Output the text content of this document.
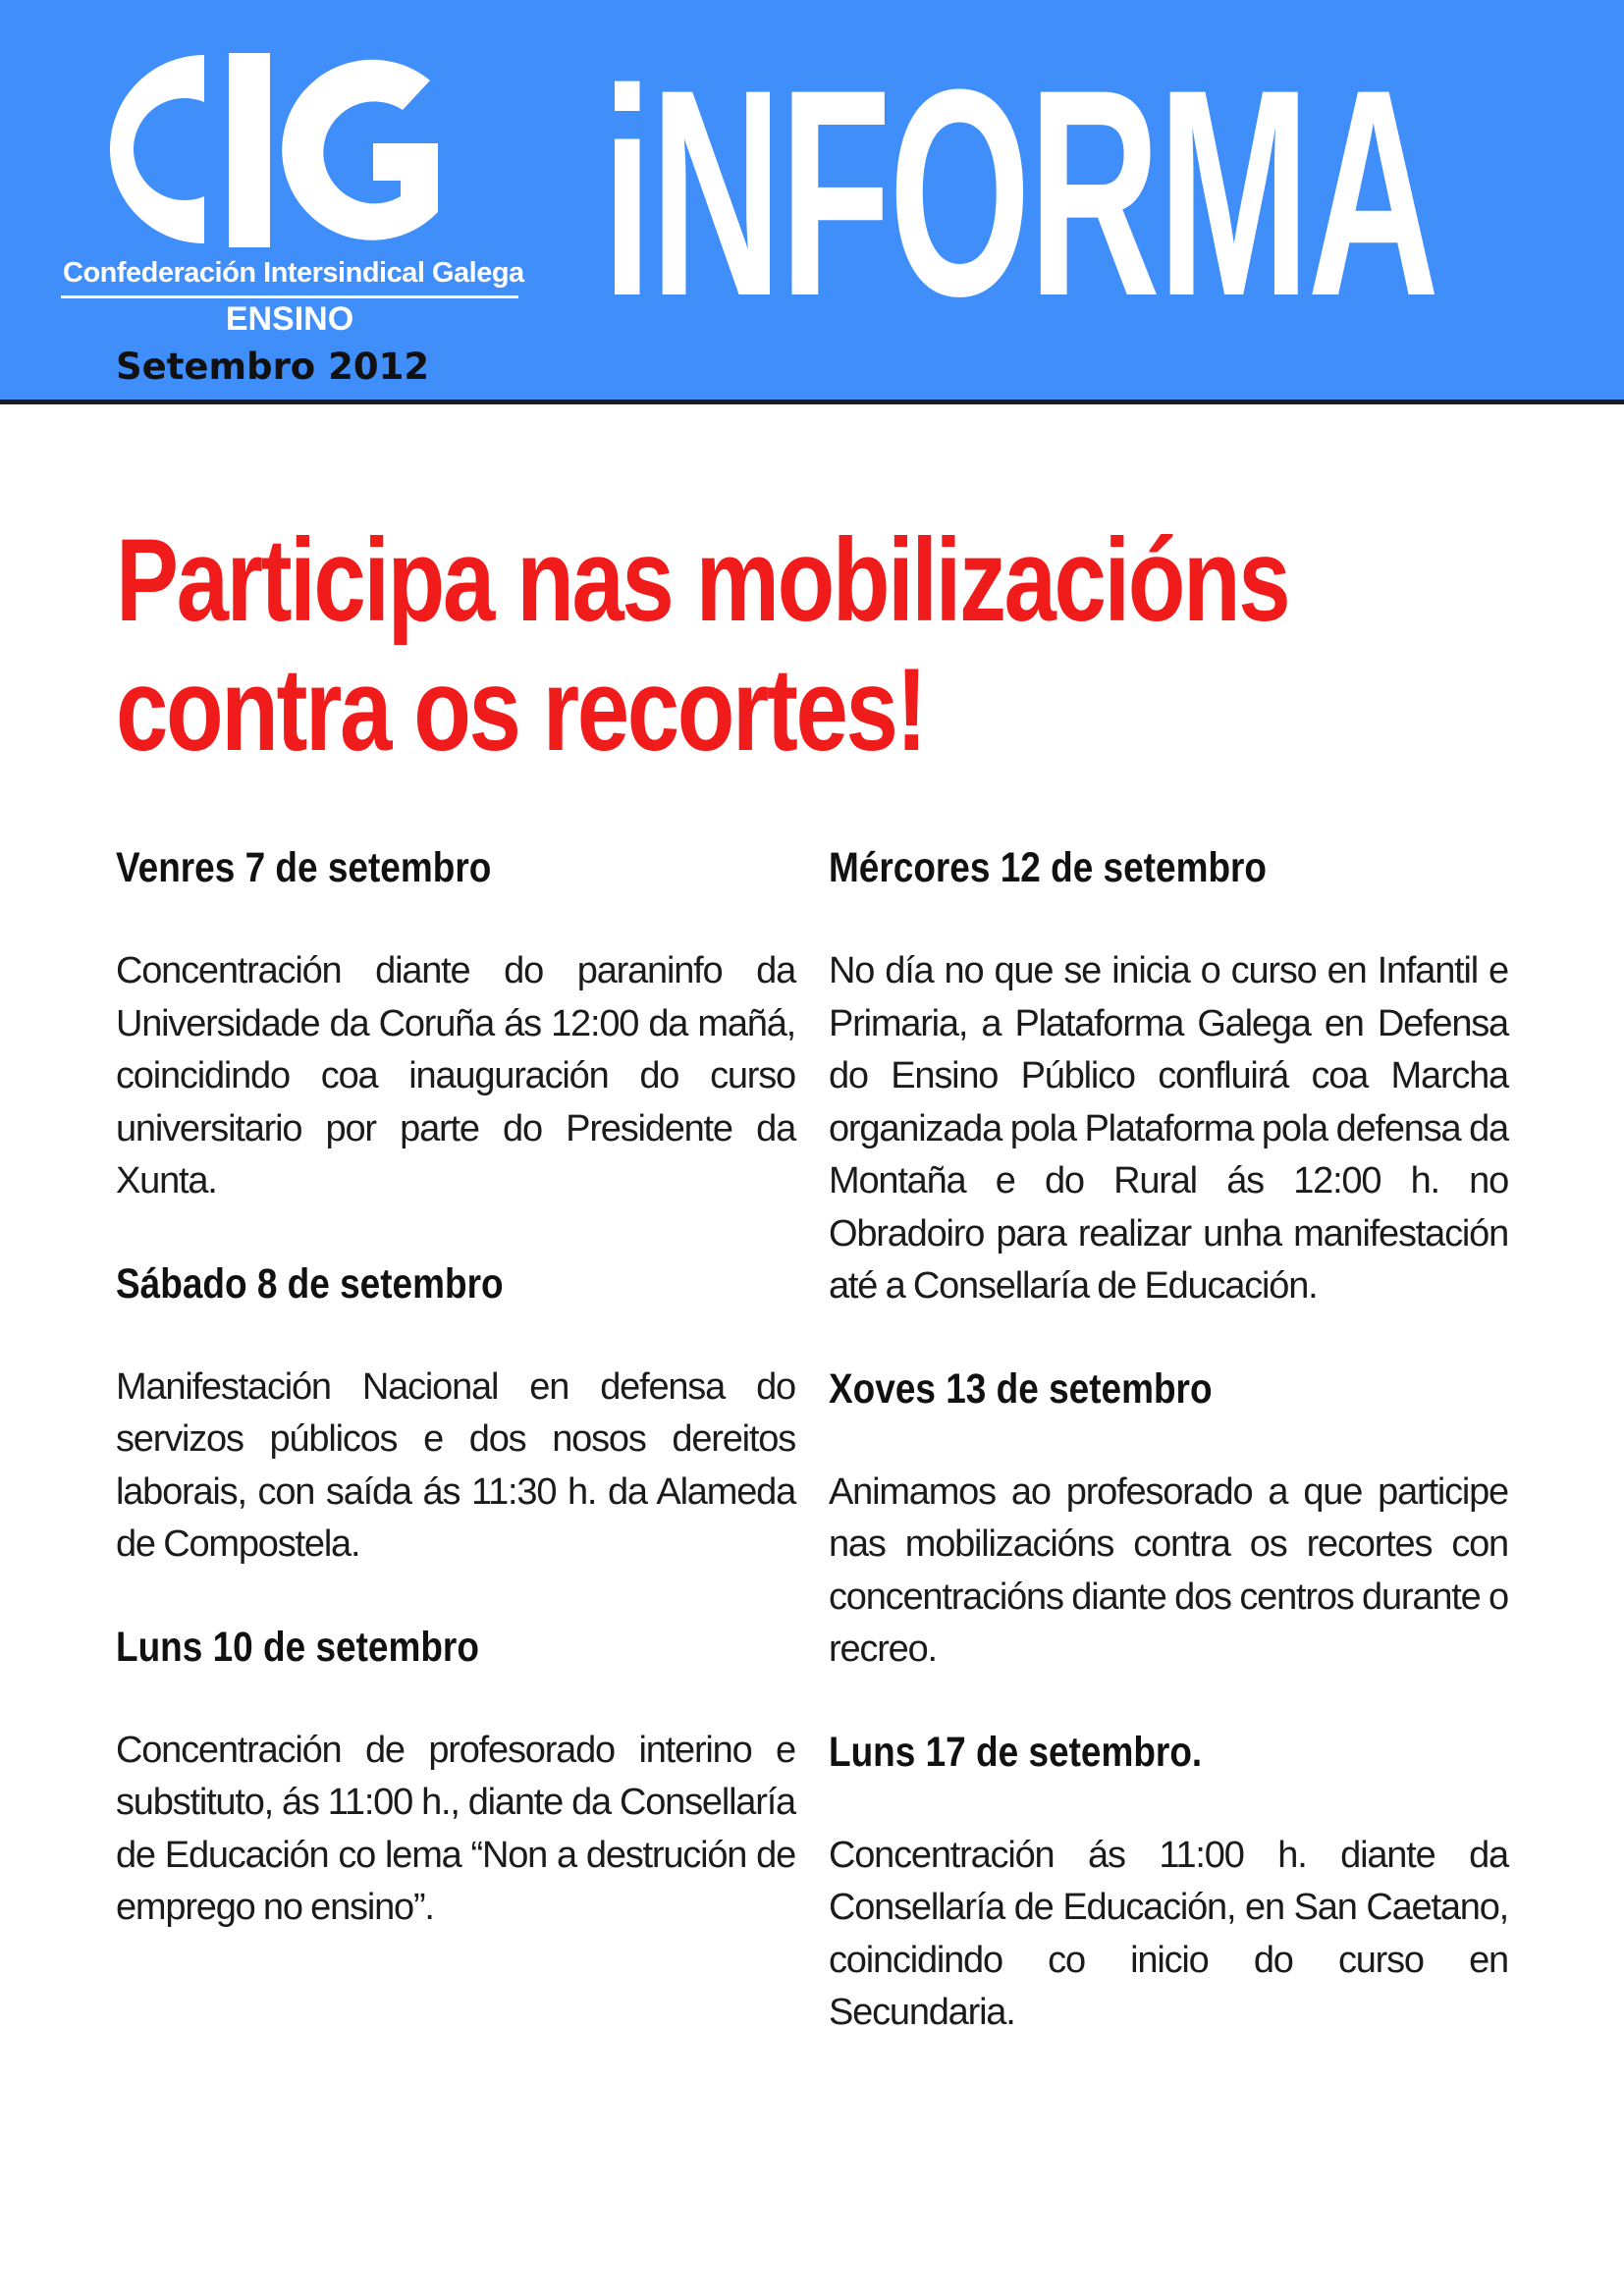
Confederación Intersindical Galega
ENSINO
Setembro 2012
iNFORMA
Participa nas mobilizacións
contra os recortes!
Venres 7 de setembro

Concentración diante do paraninfo da Universidade da Coruña ás 12:00 da mañá, coincidindo coa inauguración do curso universitario por parte do Presidente da Xunta.

Sábado 8 de setembro

Manifestación Nacional en defensa do servizos públicos e dos nosos dereitos laborais, con saída ás 11:30 h. da Alameda de Compostela.

Luns 10 de setembro

Concentración de profesorado interino e substituto, ás 11:00 h., diante da Consellaría de Educación co lema “Non a destrución de emprego no ensino”.

Mércores 12 de setembro

No día no que se inicia o curso en Infantil e Primaria, a Plataforma Galega en Defensa do Ensino Público confluirá coa Marcha organizada pola Plataforma pola defensa da Montaña e do Rural ás 12:00 h. no Obradoiro para realizar unha manifestación até a Consellaría de Educación.

Xoves 13 de setembro

Animamos ao profesorado a que participe nas mobilizacións contra os recortes con concentracións diante dos centros durante o recreo.

Luns 17 de setembro.

Concentración ás 11:00 h. diante da Consellaría de Educación, en San Caetano, coincidindo co inicio do curso en Secundaria.
